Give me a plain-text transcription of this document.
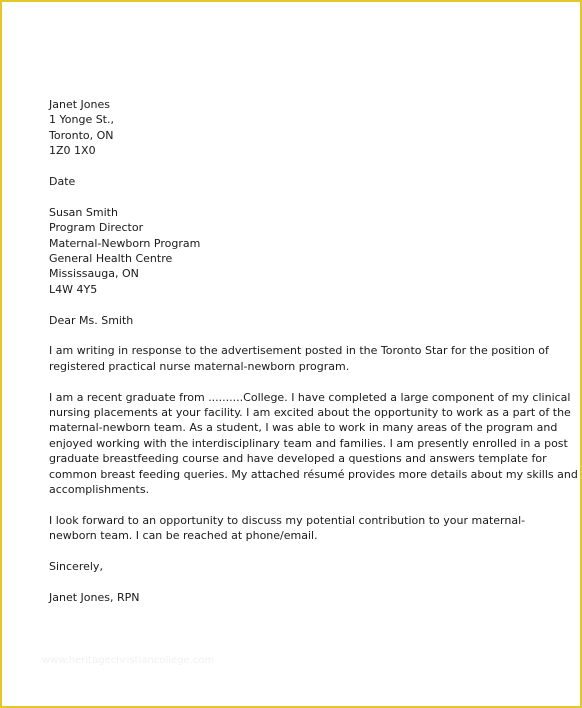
Janet Jones
1 Yonge St.,
Toronto, ON
1Z0 1X0
Date
Susan Smith
Program Director
Maternal-Newborn Program
General Health Centre
Mississauga, ON
L4W 4Y5
Dear Ms. Smith
I am writing in response to the advertisement posted in the Toronto Star for the position of
registered practical nurse maternal-newborn program.
I am a recent graduate from ..........College. I have completed a large component of my clinical
nursing placements at your facility. I am excited about the opportunity to work as a part of the
maternal-newborn team. As a student, I was able to work in many areas of the program and
enjoyed working with the interdisciplinary team and families. I am presently enrolled in a post
graduate breastfeeding course and have developed a questions and answers template for
common breast feeding queries. My attached résumé provides more details about my skills and
accomplishments.
I look forward to an opportunity to discuss my potential contribution to your maternal-
newborn team. I can be reached at phone/email.
Sincerely,
Janet Jones, RPN
www.heritagechristiancollege.com
